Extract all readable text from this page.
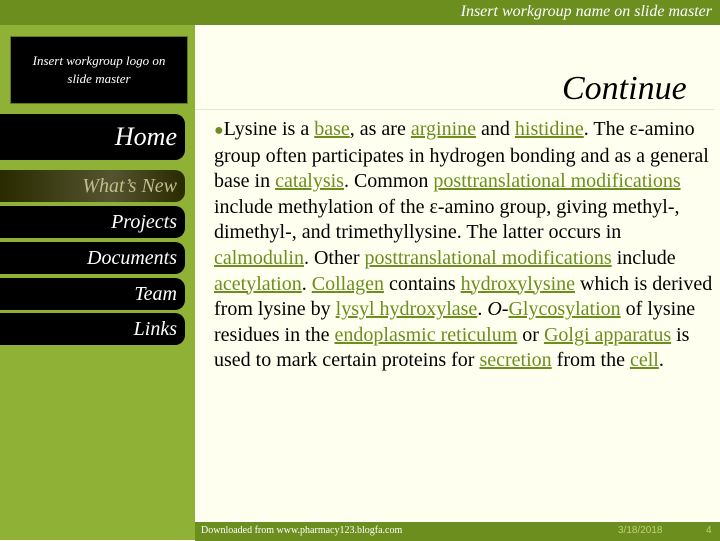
Insert workgroup logo on slide master
Home
What’s New
Projects
Documents
Team
Links
Insert workgroup name on slide master
Continue
●Lysine is a base, as are arginine and histidine. The ε-amino group often participates in hydrogen bonding and as a general base in catalysis. Common posttranslational modifications include methylation of the ε-amino group, giving methyl-, dimethyl-, and trimethyllysine. The latter occurs in calmodulin. Other posttranslational modifications include acetylation. Collagen contains hydroxylysine which is derived from lysine by lysyl hydroxylase. O-Glycosylation of lysine residues in the endoplasmic reticulum or Golgi apparatus is used to mark certain proteins for secretion from the cell.
Downloaded from www.pharmacy123.blogfa.com	3/18/2018	4
